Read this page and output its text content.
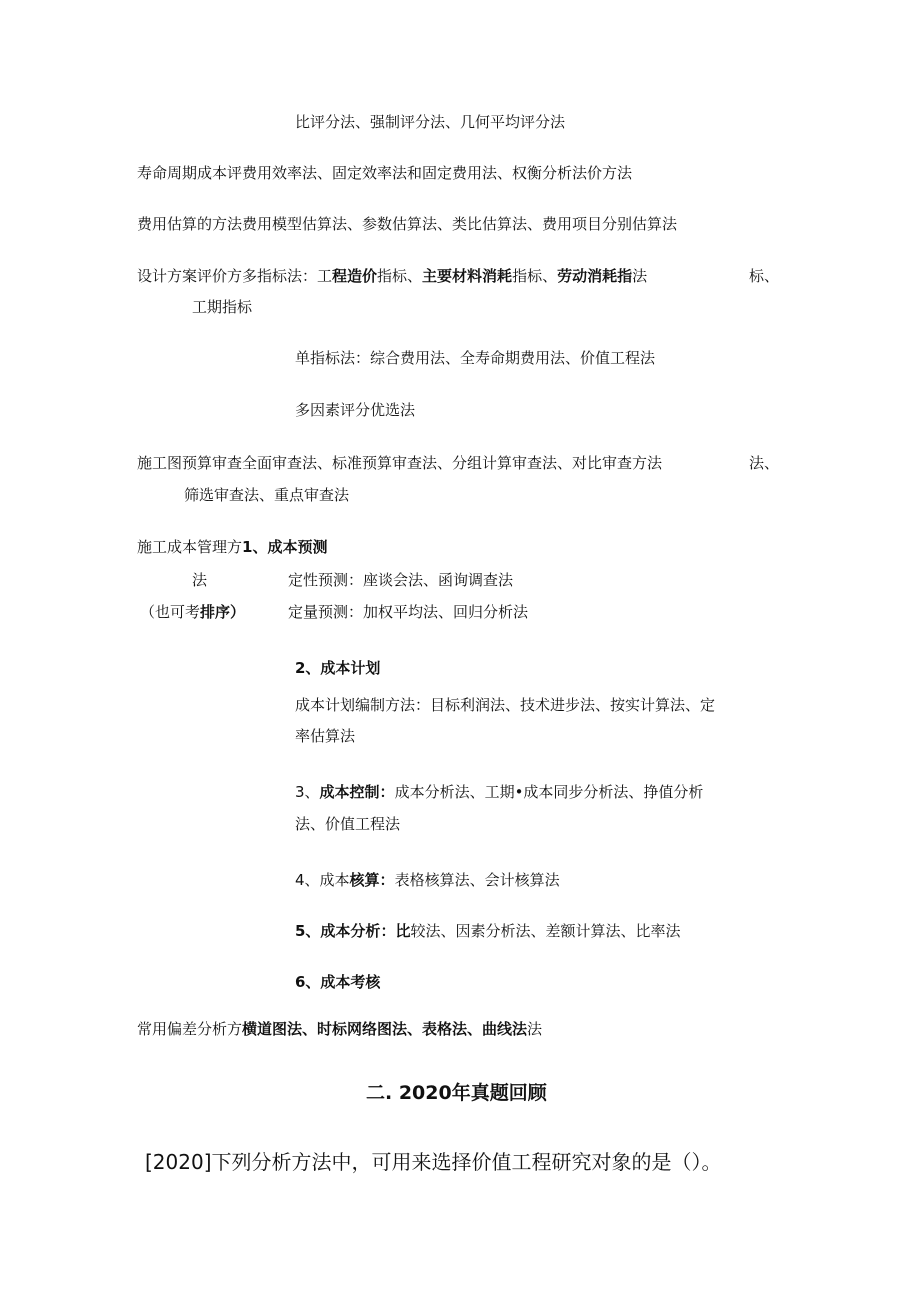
比评分法、强制评分法、几何平均评分法
寿命周期成本评费用效率法、固定效率法和固定费用法、权衡分析法价方法
费用估算的方法费用模型估算法、参数估算法、类比估算法、费用项目分别估算法
设计方案评价方多指标法：工程造价指标、主要材料消耗指标、劳动消耗指法	标、
工期指标
单指标法：综合费用法、全寿命期费用法、价值工程法
多因素评分优选法
施工图预算审查全面审查法、标准预算审查法、分组计算审查法、对比审查方法	法、
筛选审查法、重点审查法
施工成本管理方1、成本预测
法	定性预测：座谈会法、函询调查法
（也可考排序）	定量预测：加权平均法、回归分析法
2、成本计划
成本计划编制方法：目标利润法、技术进步法、按实计算法、定
率估算法
3、成本控制：成本分析法、工期•成本同步分析法、挣值分析
法、价值工程法
4、成本核算：表格核算法、会计核算法
5、成本分析：比较法、因素分析法、差额计算法、比率法
6、成本考核
常用偏差分析方横道图法、时标网络图法、表格法、曲线法法
二. 2020年真题回顾
[2020]下列分析方法中，可用来选择价值工程研究对象的是（）。
